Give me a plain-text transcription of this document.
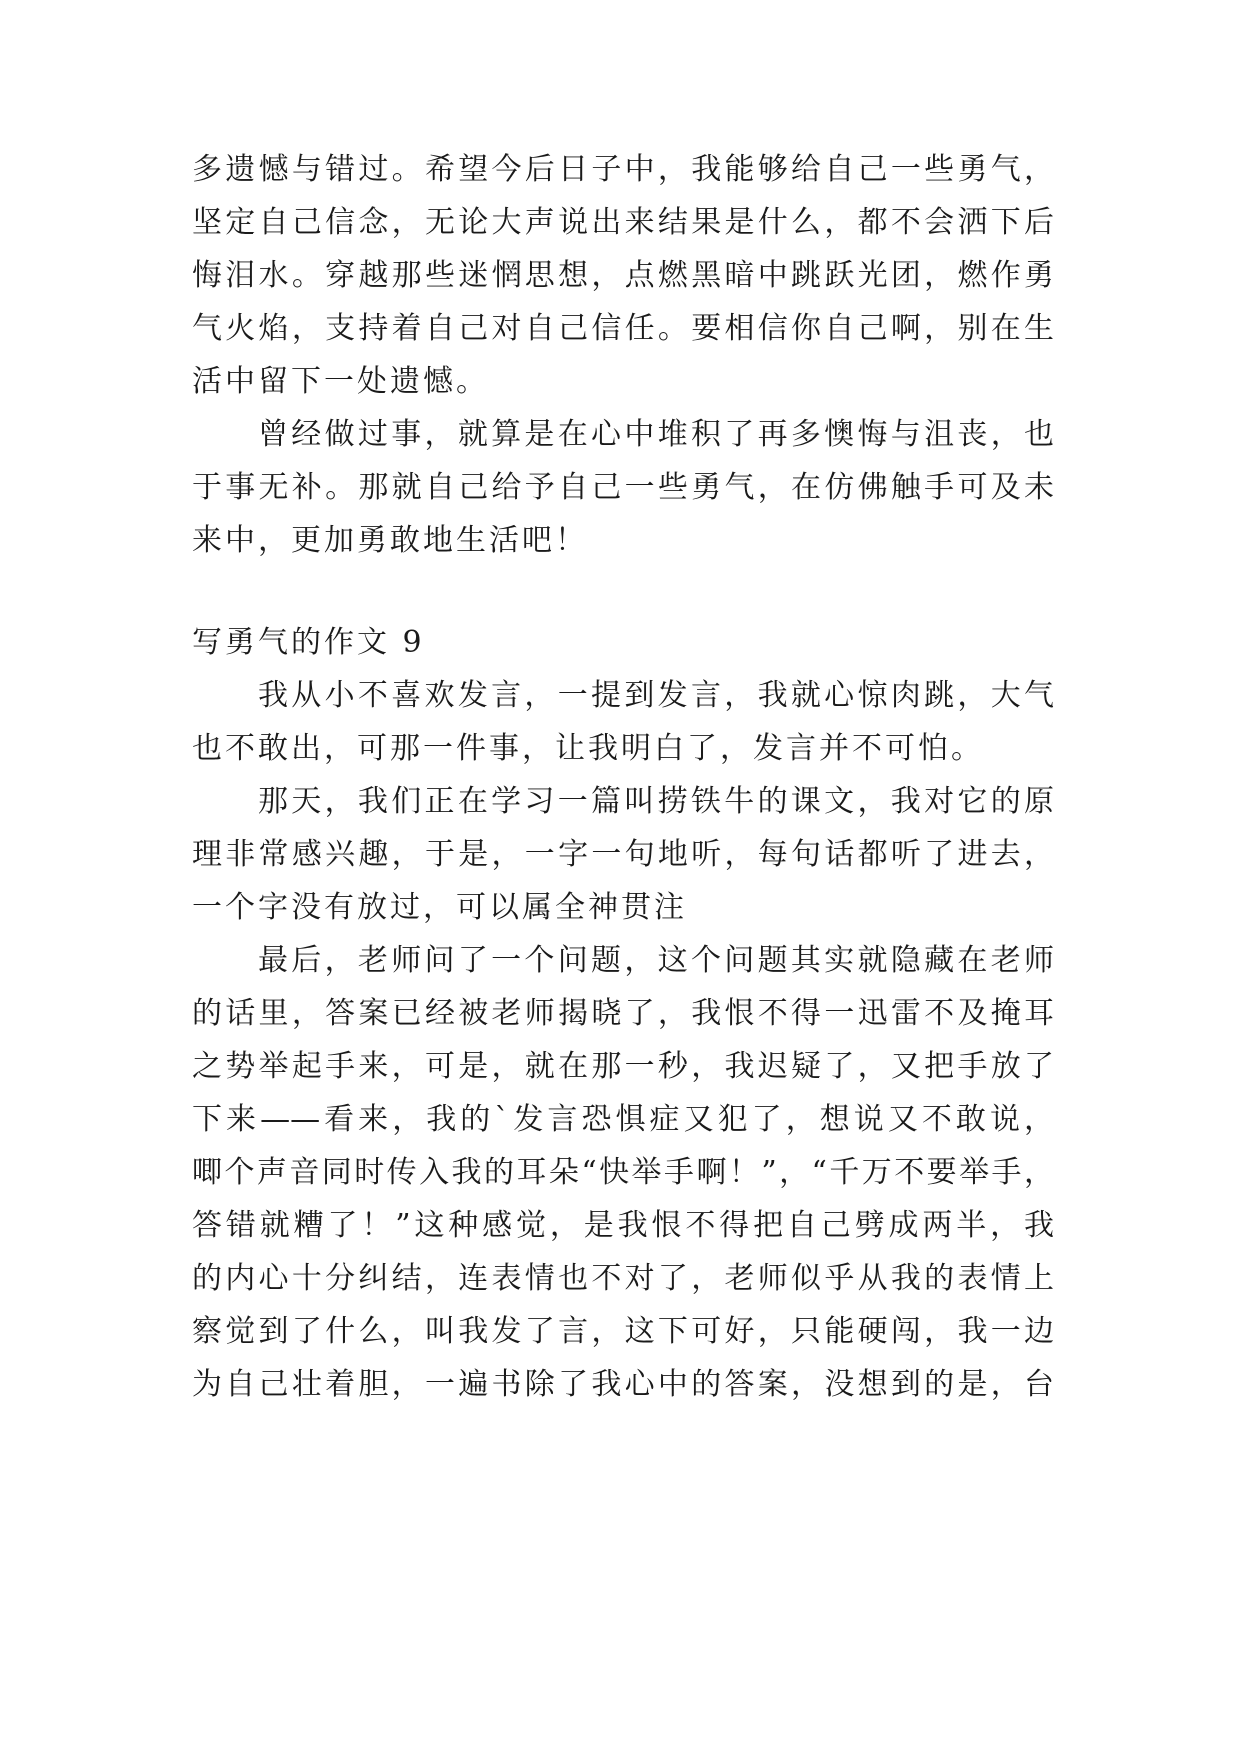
多遗憾与错过。希望今后日子中，我能够给自己一些勇气，
坚定自己信念，无论大声说出来结果是什么，都不会洒下后
悔泪水。穿越那些迷惘思想，点燃黑暗中跳跃光团，燃作勇
气火焰，支持着自己对自己信任。要相信你自己啊，别在生
活中留下一处遗憾。
曾经做过事，就算是在心中堆积了再多懊悔与沮丧，也
于事无补。那就自己给予自己一些勇气，在仿佛触手可及未
来中，更加勇敢地生活吧！
写勇气的作文 9
我从小不喜欢发言，一提到发言，我就心惊肉跳，大气
也不敢出，可那一件事，让我明白了，发言并不可怕。
那天，我们正在学习一篇叫捞铁牛的课文，我对它的原
理非常感兴趣，于是，一字一句地听，每句话都听了进去，
一个字没有放过，可以属全神贯注
最后，老师问了一个问题，这个问题其实就隐藏在老师
的话里，答案已经被老师揭晓了，我恨不得一迅雷不及掩耳
之势举起手来，可是，就在那一秒，我迟疑了，又把手放了
下来——看来，我的`发言恐惧症又犯了，想说又不敢说，
唧个声音同时传入我的耳朵“快举手啊！”，“千万不要举手，
答错就糟了！”这种感觉，是我恨不得把自己劈成两半，我
的内心十分纠结，连表情也不对了，老师似乎从我的表情上
察觉到了什么，叫我发了言，这下可好，只能硬闯，我一边
为自己壮着胆，一遍书除了我心中的答案，没想到的是，台
